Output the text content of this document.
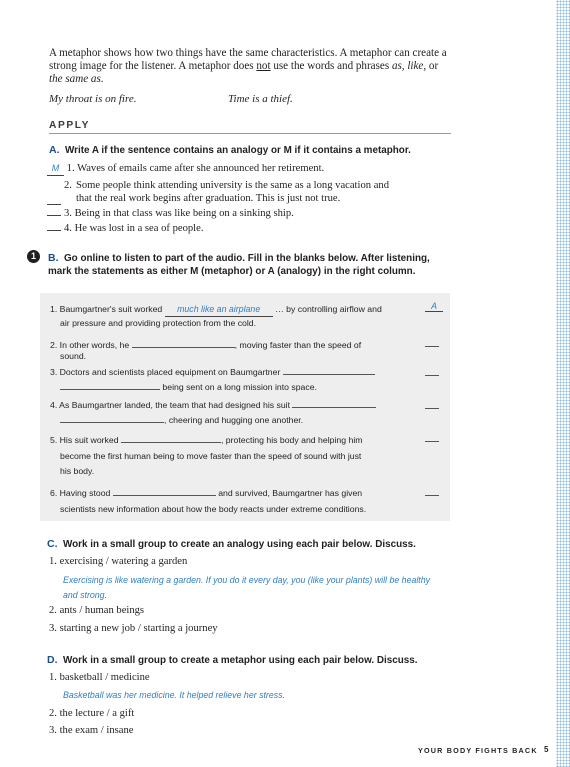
A metaphor shows how two things have the same characteristics. A metaphor can create a strong image for the listener. A metaphor does not use the words and phrases as, like, or the same as.
My throat is on fire.	Time is a thief.
APPLY
A. Write A if the sentence contains an analogy or M if it contains a metaphor.
M 1. Waves of emails came after she announced her retirement.
2. Some people think attending university is the same as a long vacation and that the real work begins after graduation. This is just not true.
3. Being in that class was like being on a sinking ship.
4. He was lost in a sea of people.
1	B. Go online to listen to part of the audio. Fill in the blanks below. After listening, mark the statements as either M (metaphor) or A (analogy) in the right column.
1. Baumgartner's suit worked much like an airplane … by controlling airflow and
air pressure and providing protection from the cold.
A
2. In other words, he	, moving faster than the speed of
sound.
3. Doctors and scientists placed equipment on Baumgartner
being sent on a long mission into space.
4. As Baumgartner landed, the team that had designed his suit
, cheering and hugging one another.
5. His suit worked	, protecting his body and helping him
become the first human being to move faster than the speed of sound with just
his body.
6. Having stood	and survived, Baumgartner has given
scientists new information about how the body reacts under extreme conditions.
C. Work in a small group to create an analogy using each pair below. Discuss.
1. exercising / watering a garden
Exercising is like watering a garden. If you do it every day, you (like your plants) will be healthy and strong.
2. ants / human beings
3. starting a new job / starting a journey
D. Work in a small group to create a metaphor using each pair below. Discuss.
1. basketball / medicine
Basketball was her medicine. It helped relieve her stress.
2. the lecture / a gift
3. the exam / insane
YOUR BODY FIGHTS BACK 5
